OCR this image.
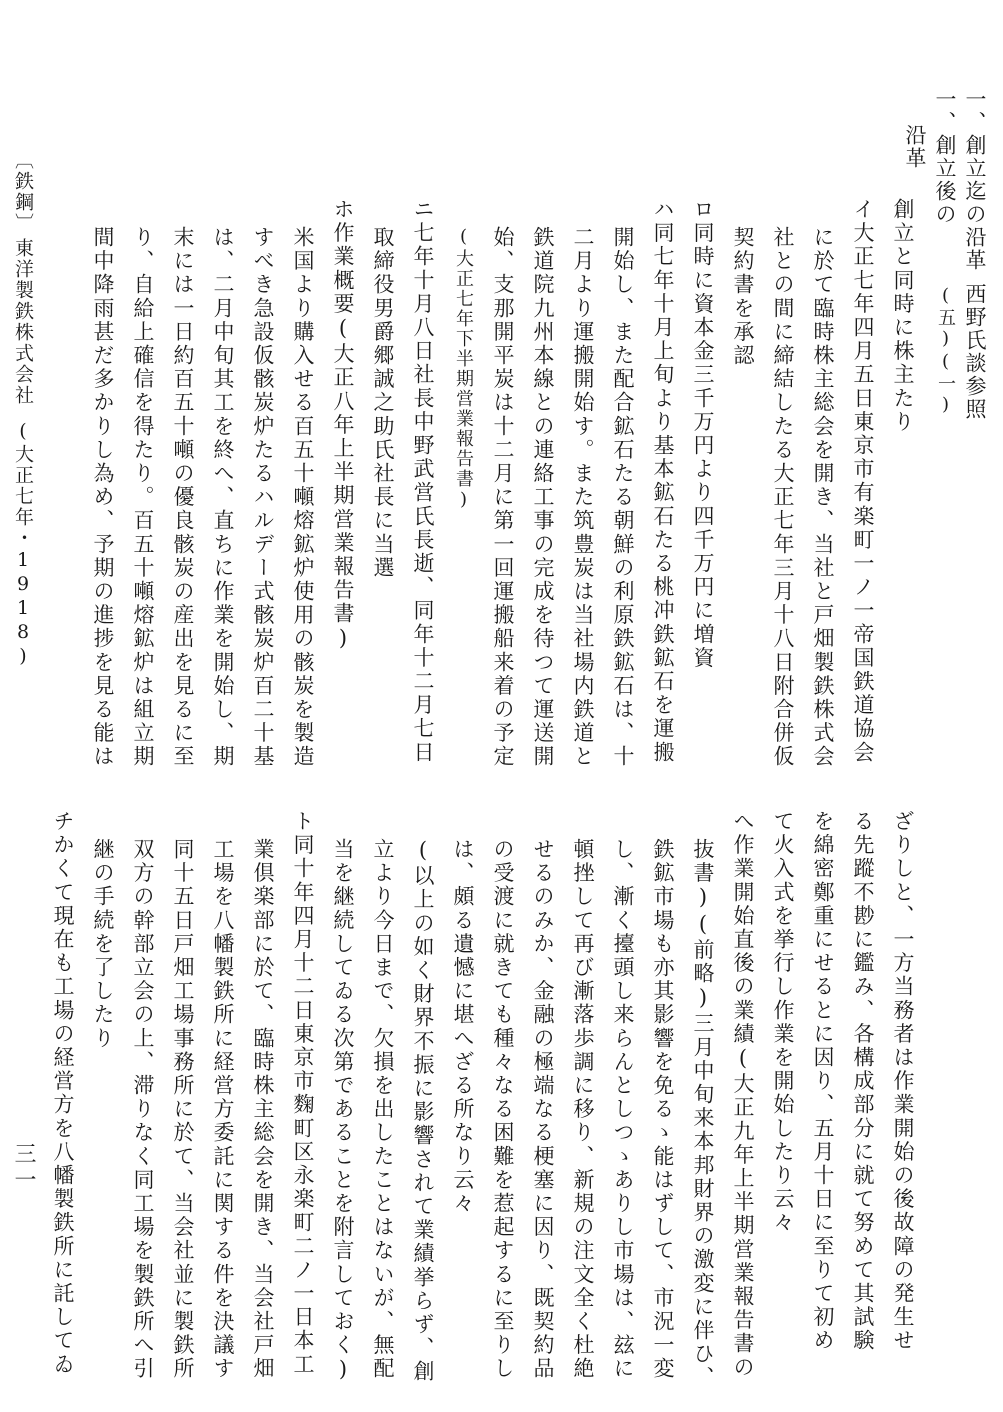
一、創立迄の沿革
一、創立後の
沿革
創立と同時に株主たり 西野氏談参照
(五)(一)
イ大正七年四月五日東京市有楽町一ノ一帝国鉄道協会
に於て臨時株主総会を開き、当社と戸畑製鉄株式会
社との間に締結したる大正七年三月十八日附合併仮
契約書を承認
ロ同時に資本金三千万円より四千万円に増資
ハ同七年十月上旬より基本鉱石たる桃冲鉄鉱石を運搬
開始し、また配合鉱石たる朝鮮の利原鉄鉱石は、十
二月より運搬開始す。また筑豊炭は当社場内鉄道と
鉄道院九州本線との連絡工事の完成を待つて運送開
始、支那開平炭は十二月に第一回運搬船来着の予定
(大正七年下半期営業報告書)
ニ七年十月八日社長中野武営氏長逝、同年十二月七日
取締役男爵郷誠之助氏社長に当選
ホ作業概要(大正八年上半期営業報告書)
米国より購入せる百五十噸熔鉱炉使用の骸炭を製造
すべき急設仮骸炭炉たるハルデー式骸炭炉百二十基
は、二月中旬其工を終へ、直ちに作業を開始し、期
末には一日約百五十噸の優良骸炭の産出を見るに至
り、自給上確信を得たり。百五十噸熔鉱炉は組立期
間中降雨甚だ多かりし為め、予期の進捗を見る能は
ざりしと、一方当務者は作業開始の後故障の発生せ
る先蹤不尠に鑑み、各構成部分に就て努めて其試験
を綿密鄭重にせるとに因り、五月十日に至りて初め
て火入式を挙行し作業を開始したり云々
へ作業開始直後の業績(大正九年上半期営業報告書の
抜書)(前略)三月中旬来本邦財界の激変に伴ひ、
鉄鉱市場も亦其影響を免るゝ能はずして、市況一変
し、漸く擡頭し来らんとしつゝありし市場は、玆に
頓挫して再び漸落歩調に移り、新規の注文全く杜絶
せるのみか、金融の極端なる梗塞に因り、既契約品
の受渡に就きても種々なる困難を惹起するに至りし
は、頗る遺憾に堪へざる所なり云々
(以上の如く財界不振に影響されて業績挙らず、創
立より今日まで、欠損を出したことはないが、無配
当を継続してゐる次第であることを附言しておく)
ト同十年四月十二日東京市麴町区永楽町二ノ一日本工
業倶楽部に於て、臨時株主総会を開き、当会社戸畑
工場を八幡製鉄所に経営方委託に関する件を決議す
同十五日戸畑工場事務所に於て、当会社並に製鉄所
双方の幹部立会の上、滞りなく同工場を製鉄所へ引
継の手続を了したり
チかくて現在も工場の経営方を八幡製鉄所に託してゐ
〔鉄鋼〕
東洋製鉄株式会社
(大正七年・1918)
三一
